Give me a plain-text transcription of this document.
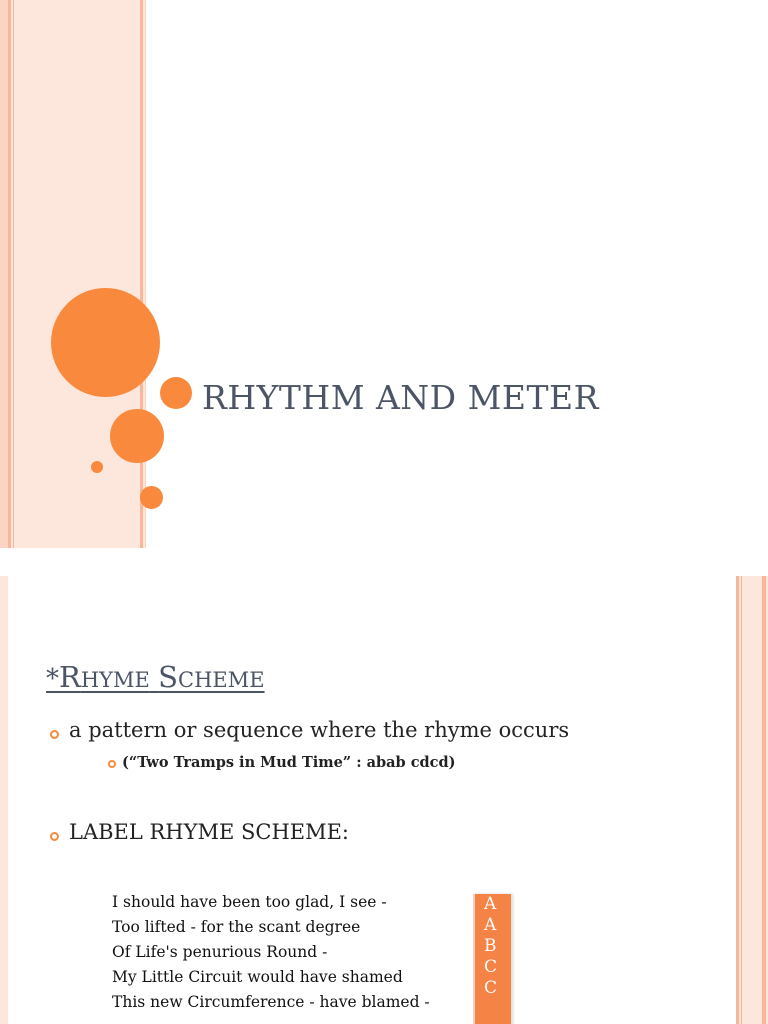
RHYTHM AND METER
*RHYME SCHEME
a pattern or sequence where the rhyme occurs
(“Two Tramps in Mud Time” : abab cdcd)
LABEL RHYME SCHEME:
I should have been too glad, I see -
Too lifted - for the scant degree
Of Life's penurious Round -
My Little Circuit would have shamed
This new Circumference - have blamed -
A
A
B
C
C
